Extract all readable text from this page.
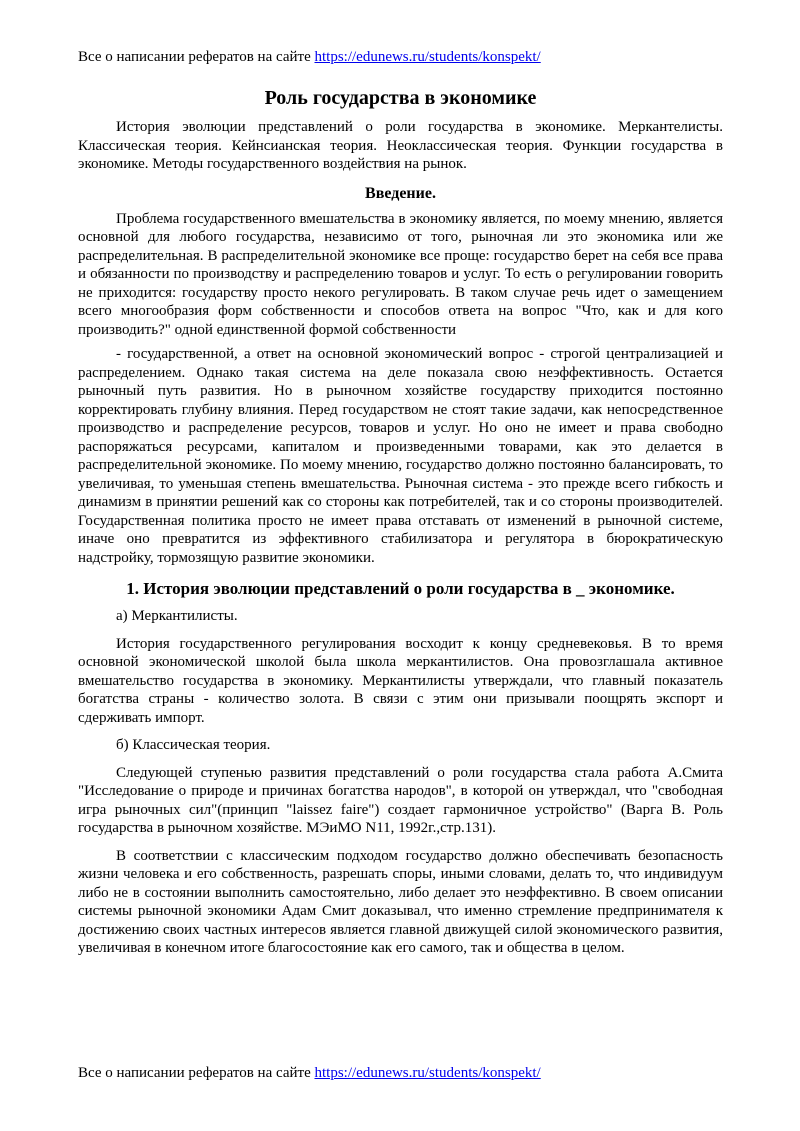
Все о написании рефератов на сайте https://edunews.ru/students/konspekt/
Роль государства в экономике

История эволюции представлений о роли государства в экономике. Меркантелисты. Классическая теория. Кейнсианская теория. Неоклассическая теория. Функции государства в экономике. Методы государственного воздействия на рынок.

Введение.

Проблема государственного вмешательства в экономику является, по моему мнению, является основной для любого государства, независимо от того, рыночная ли это экономика или же распределительная. В распределительной экономике все проще: государство берет на себя все права и обязанности по производству и распределению товаров и услуг. То есть о регулировании говорить не приходится: государству просто некого регулировать. В таком случае речь идет о замещением всего многообразия форм собственности и способов ответа на вопрос "Что, как и для кого производить?" одной единственной формой собственности

- государственной, а ответ на основной экономический вопрос - строгой централизацией и распределением. Однако такая система на деле показала свою неэффективность. Остается рыночный путь развития. Но в рыночном хозяйстве государству приходится постоянно корректировать глубину влияния. Перед государством не стоят такие задачи, как непосредственное производство и распределение ресурсов, товаров и услуг. Но оно не имеет и права свободно распоряжаться ресурсами, капиталом и произведенными товарами, как это делается в распределительной экономике. По моему мнению, государство должно постоянно балансировать, то увеличивая, то уменьшая степень вмешательства. Рыночная система - это прежде всего гибкость и динамизм в принятии решений как со стороны как потребителей, так и со стороны производителей. Государственная политика просто не имеет права отставать от изменений в рыночной системе, иначе оно превратится из эффективного стабилизатора и регулятора в бюрократическую надстройку, тормозящую развитие экономики.

1. История эволюции представлений о роли государства в _ экономике.

а) Меркантилисты.

История государственного регулирования восходит к концу средневековья. В то время основной экономической школой была школа меркантилистов. Она провозглашала активное вмешательство государства в экономику. Меркантилисты утверждали, что главный показатель богатства страны - количество золота. В связи с этим они призывали поощрять экспорт и сдерживать импорт.

б) Классическая теория.

Следующей ступенью развития представлений о роли государства стала работа А.Смита "Исследование о природе и причинах богатства народов", в которой он утверждал, что "свободная игра рыночных сил"(принцип "laissez faire") создает гармоничное устройство" (Варга В. Роль государства в рыночном хозяйстве. МЭиМО N11, 1992г.,стр.131).

В соответствии с классическим подходом государство должно обеспечивать безопасность жизни человека и его собственность, разрешать споры, иными словами, делать то, что индивидуум либо не в состоянии выполнить самостоятельно, либо делает это неэффективно. В своем описании системы рыночной экономики Адам Смит доказывал, что именно стремление предпринимателя к достижению своих частных интересов является главной движущей силой экономического развития, увеличивая в конечном итоге благосостояние как его самого, так и общества в целом.

Все о написании рефератов на сайте https://edunews.ru/students/konspekt/
